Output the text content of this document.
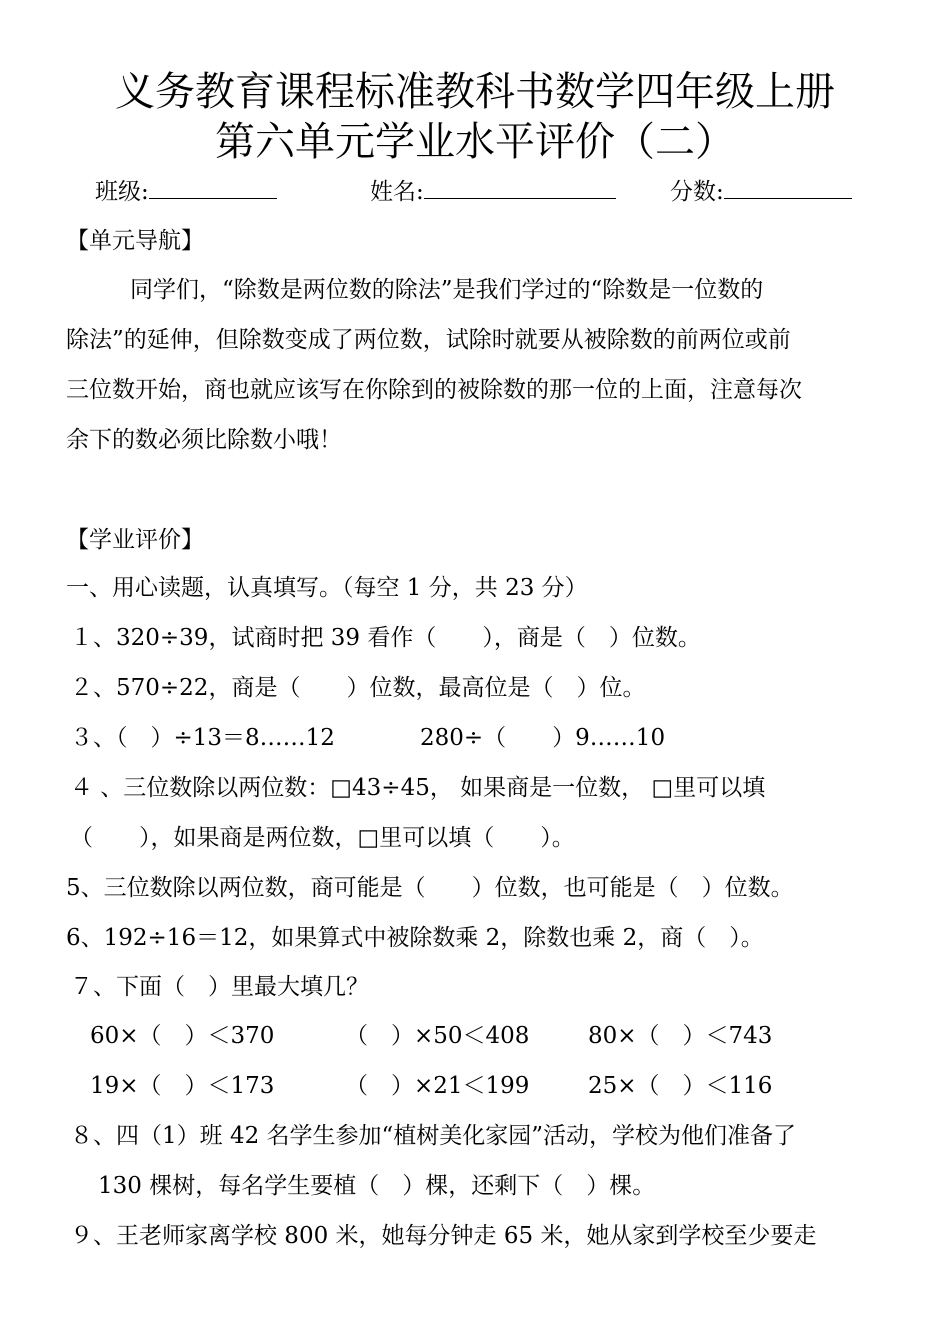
义务教育课程标准教科书数学四年级上册
第六单元学业水平评价（二）
班级:	姓名:	分数:
【单元导航】
同学们，“除数是两位数的除法”是我们学过的“除数是一位数的
除法”的延伸，但除数变成了两位数，试除时就要从被除数的前两位或前
三位数开始，商也就应该写在你除到的被除数的那一位的上面，注意每次
余下的数必须比除数小哦！
【学业评价】
一、用心读题，认真填写。（每空 1 分，共 23 分）
１、320÷39，试商时把 39 看作（　　），商是（　）位数。
２、570÷22，商是（　　）位数，最高位是（　）位。
３、（　）÷13＝8……12	280÷（　　）9……10
４ 、三位数除以两位数：□43÷45， 如果商是一位数， □里可以填
（　　），如果商是两位数，□里可以填（　　）。
5、三位数除以两位数，商可能是（　　）位数，也可能是（　）位数。
6、192÷16＝12，如果算式中被除数乘 2，除数也乘 2，商（　）。
７、下面（　）里最大填几？
60×（　）＜370	（　）×50＜408	80×（　）＜743
19×（　）＜173	（　）×21＜199	25×（　）＜116
８、四（1）班 42 名学生参加“植树美化家园”活动，学校为他们准备了
130 棵树，每名学生要植（　）棵，还剩下（　）棵。
９、王老师家离学校 800 米，她每分钟走 65 米，她从家到学校至少要走
